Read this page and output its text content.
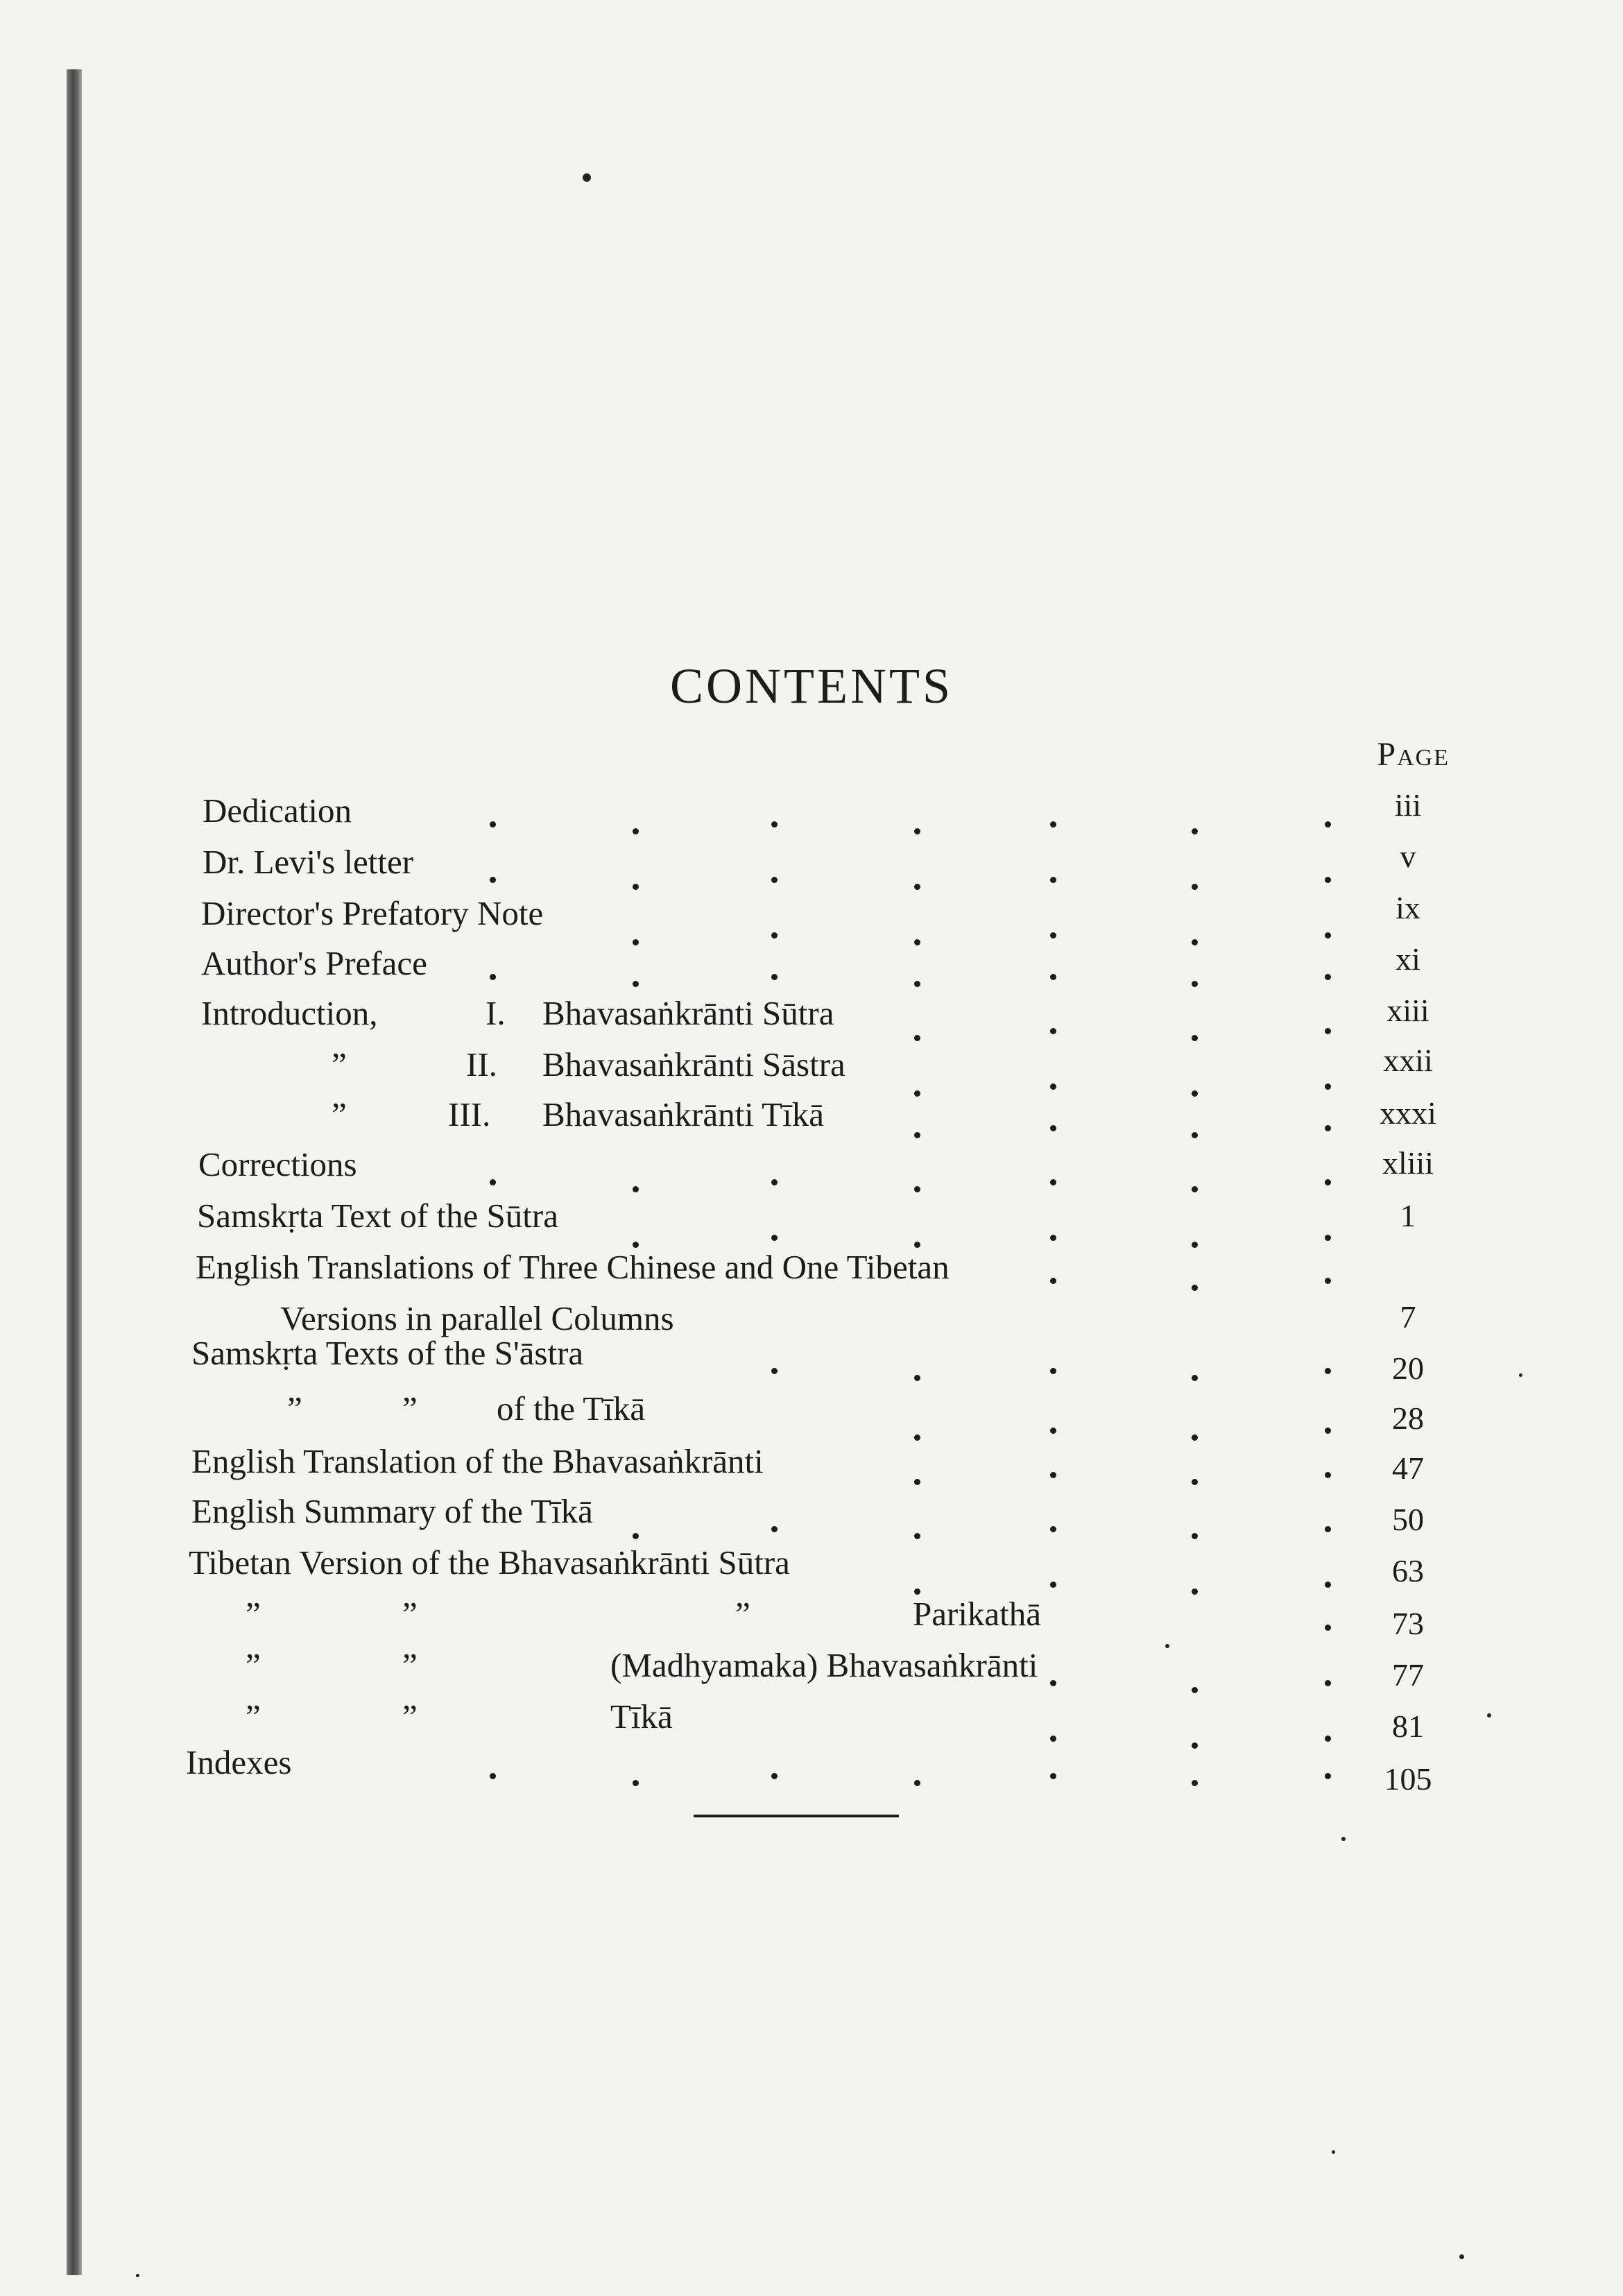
CONTENTS
Page
Dedication	iii
Dr. Levi's letter	v
Director's Prefatory Note	ix
Author's Preface	xi
Introduction,	I. Bhavasaṅkrānti Sūtra	xiii
”	II. Bhavasaṅkrānti Sāstra	xxii
”	III. Bhavasaṅkrānti Tīkā	xxxi
Corrections	xliii
Samskṛta Text of the Sūtra	1
English Translations of Three Chinese and One Tibetan
Versions in parallel Columns	7
Samskṛta Texts of the S'āstra	20
”	” of the Tīkā	28
English Translation of the Bhavasaṅkrānti	47
English Summary of the Tīkā	50
Tibetan Version of the Bhavasaṅkrānti Sūtra	63
”	”	”	Parikathā	73
”	”	(Madhyamaka) Bhavasaṅkrānti	77
”	”	Tīkā	81
Indexes	105
